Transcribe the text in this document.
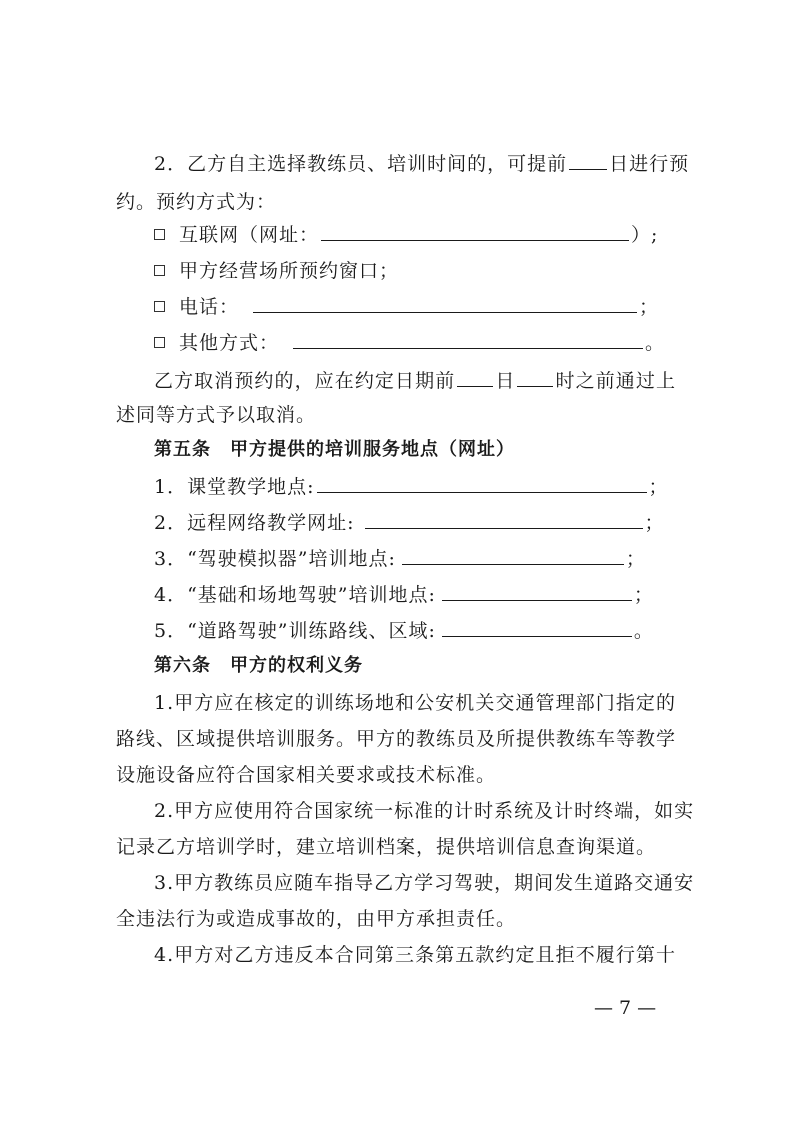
2．乙方自主选择教练员、培训时间的，可提前 日进行预
约。预约方式为：
互联网（网址：	）;
甲方经营场所预约窗口；
电话：	；
其他方式：	。
乙方取消预约的，应在约定日期前 日 时之前通过上
述同等方式予以取消。
第五条　甲方提供的培训服务地点（网址）
1．课堂教学地点:	；
2．远程网络教学网址:	；
3．“驾驶模拟器”培训地点:	；
4．“基础和场地驾驶”培训地点:	；
5．“道路驾驶”训练路线、区域:	。
第六条　甲方的权利义务
1.甲方应在核定的训练场地和公安机关交通管理部门指定的
路线、区域提供培训服务。甲方的教练员及所提供教练车等教学
设施设备应符合国家相关要求或技术标准。
2.甲方应使用符合国家统一标准的计时系统及计时终端，如实
记录乙方培训学时，建立培训档案，提供培训信息查询渠道。
3.甲方教练员应随车指导乙方学习驾驶，期间发生道路交通安
全违法行为或造成事故的，由甲方承担责任。
4.甲方对乙方违反本合同第三条第五款约定且拒不履行第十
— 7 —
